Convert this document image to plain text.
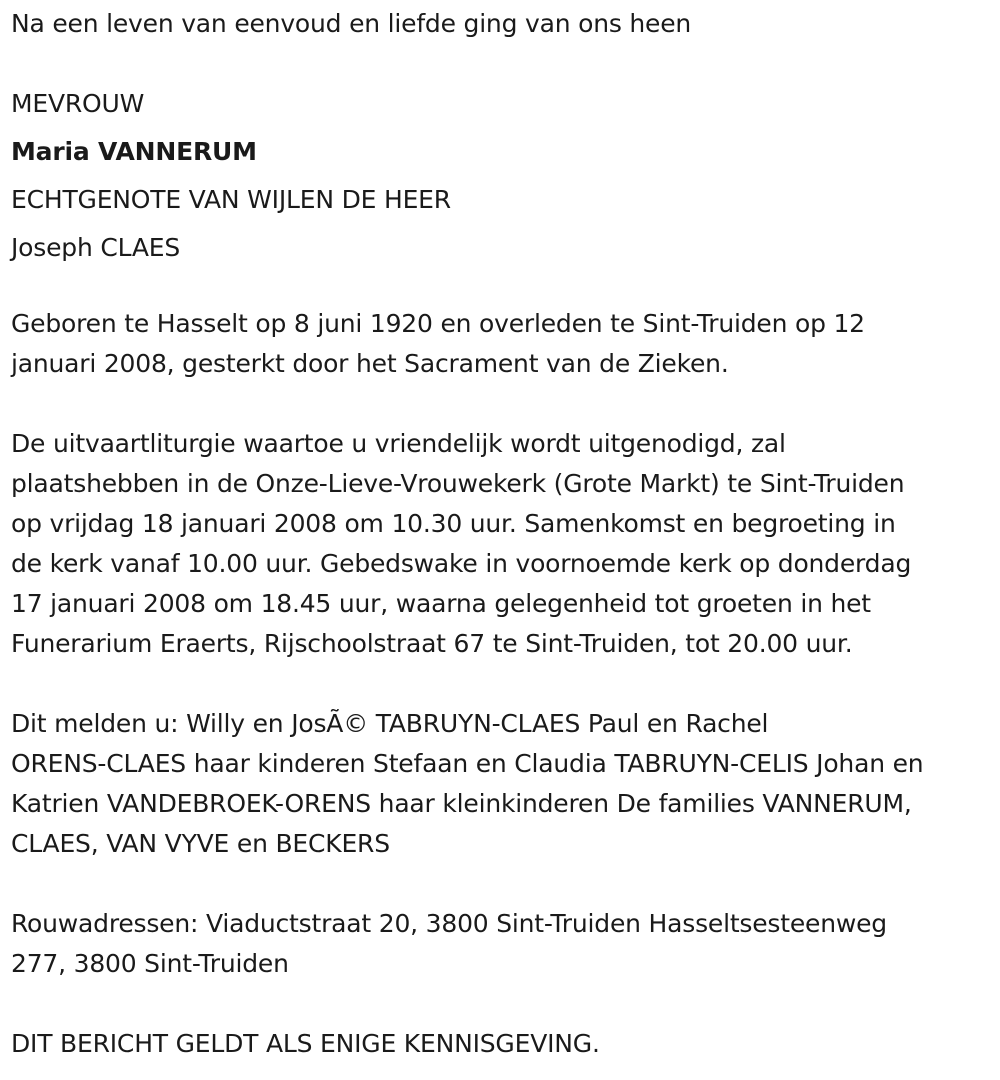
Na een leven van eenvoud en liefde ging van ons heen
MEVROUW
Maria VANNERUM
ECHTGENOTE VAN WIJLEN DE HEER
Joseph CLAES
Geboren te Hasselt op 8 juni 1920 en overleden te Sint-Truiden op 12
januari 2008, gesterkt door het Sacrament van de Zieken.
De uitvaartliturgie waartoe u vriendelijk wordt uitgenodigd, zal
plaatshebben in de Onze-Lieve-Vrouwekerk (Grote Markt) te Sint-Truiden
op vrijdag 18 januari 2008 om 10.30 uur. Samenkomst en begroeting in
de kerk vanaf 10.00 uur. Gebedswake in voornoemde kerk op donderdag
17 januari 2008 om 18.45 uur, waarna gelegenheid tot groeten in het
Funerarium Eraerts, Rijschoolstraat 67 te Sint-Truiden, tot 20.00 uur.
Dit melden u: Willy en JosÃ© TABRUYN-CLAES Paul en Rachel
ORENS-CLAES haar kinderen Stefaan en Claudia TABRUYN-CELIS Johan en
Katrien VANDEBROEK-ORENS haar kleinkinderen De families VANNERUM,
CLAES, VAN VYVE en BECKERS
Rouwadressen: Viaductstraat 20, 3800 Sint-Truiden Hasseltsesteenweg
277, 3800 Sint-Truiden
DIT BERICHT GELDT ALS ENIGE KENNISGEVING.
